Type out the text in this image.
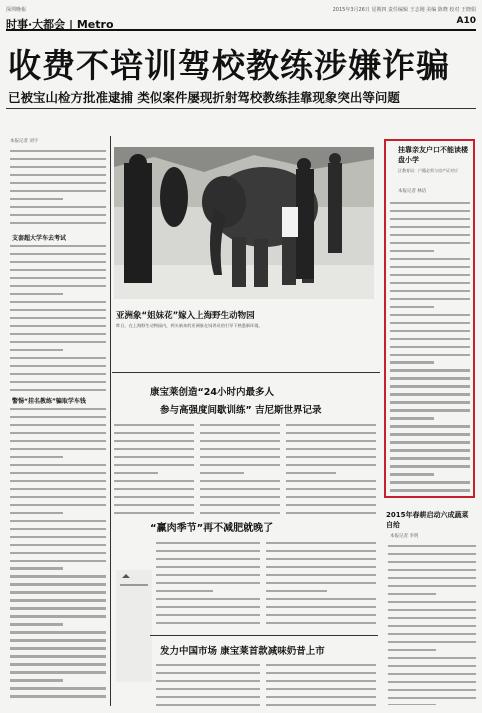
深圳晚報	2015年3月26日 星期四 责任编辑 王志刚 美编 陈晓 校对 王晓娟
时事·大都会 | Metro	A10
收费不培训驾校教练涉嫌诈骗
已被宝山检方批准逮捕 类似案件屡现折射驾校教练挂靠现象突出等问题
本报记者 刘宇
支套超大学车去考试
警惕“挂名教练”骗取学车钱
亚洲象“姐妹花”嫁入上海野生动物园
昨日，在上海野生动物园内，两头新来的亚洲象在饲养员的引导下熟悉新环境。
康宝莱创造“24小时内最多人
参与高强度间歇训练” 吉尼斯世界记录
“赢肉季节”再不减肥就晚了
发力中国市场 康宝莱首款减味奶昔上市
挂靠亲友户口不能读楼盘小学
区教育局：户籍必须与房产证对应
本报记者 林洁
2015年春耕启动六成蔬菜自给
本报记者 李明
